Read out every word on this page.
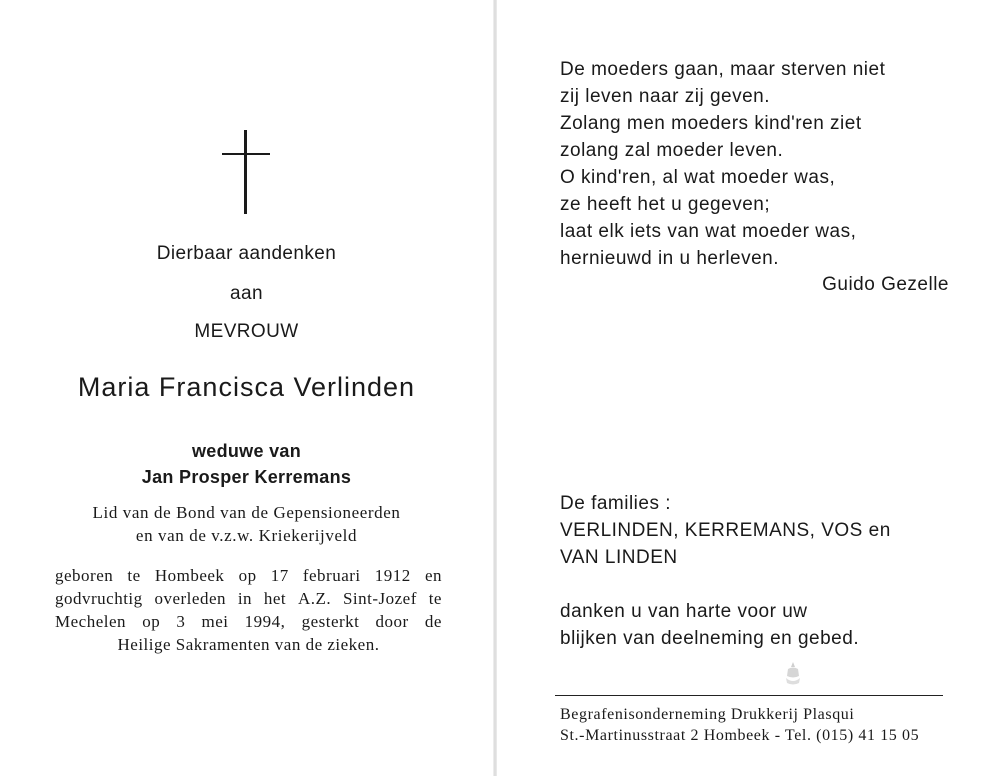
Dierbaar aandenken
aan
MEVROUW
Maria Francisca Verlinden
weduwe van
Jan Prosper Kerremans
Lid van de Bond van de Gepensioneerden
en van de v.z.w. Kriekerijveld
geboren te Hombeek op 17 februari 1912 en
godvruchtig overleden in het A.Z. Sint-Jozef te
Mechelen op 3 mei 1994, gesterkt door de
Heilige Sakramenten van de zieken.
De moeders gaan, maar sterven niet
zij leven naar zij geven.
Zolang men moeders kind'ren ziet
zolang zal moeder leven.
O kind'ren, al wat moeder was,
ze heeft het u gegeven;
laat elk iets van wat moeder was,
hernieuwd in u herleven.
Guido Gezelle
De families :
VERLINDEN, KERREMANS, VOS en
VAN LINDEN
danken u van harte voor uw
blijken van deelneming en gebed.
Begrafenisonderneming Drukkerij Plasqui
St.-Martinusstraat 2 Hombeek - Tel. (015) 41 15 05
